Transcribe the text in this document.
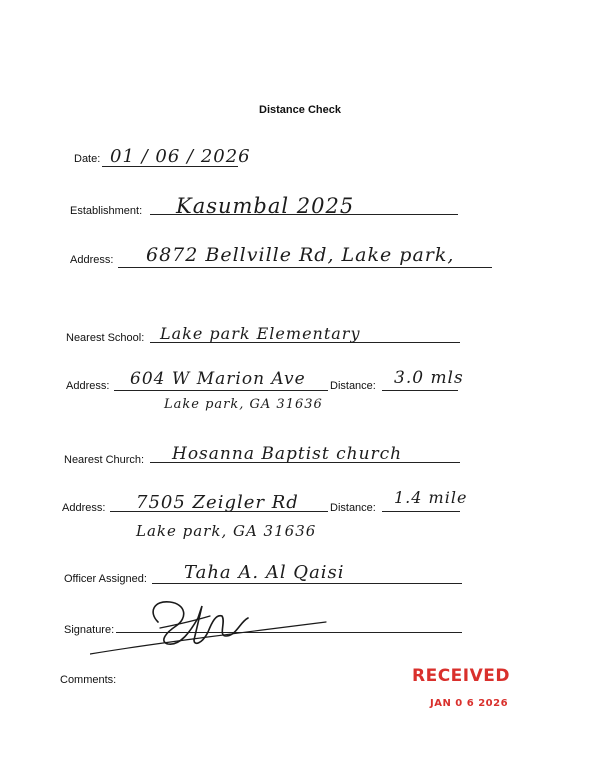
Distance Check
Date: 01 / 06 / 2026
Establishment: Kasumbal 2025
Address: 6872 Bellville Rd, Lake park,
Nearest School: Lake park Elementary
Address: 604 W Marion Ave
Lake park, GA 31636
Distance: 3.0 mls
Nearest Church: Hosanna Baptist church
Address: 7505 Zeigler Rd
Lake park, GA 31636
Distance:
1.4 mile
Officer Assigned: Taha A. Al Qaisi
Signature:
Comments:	RECEIVED
JAN 0 6 2026
